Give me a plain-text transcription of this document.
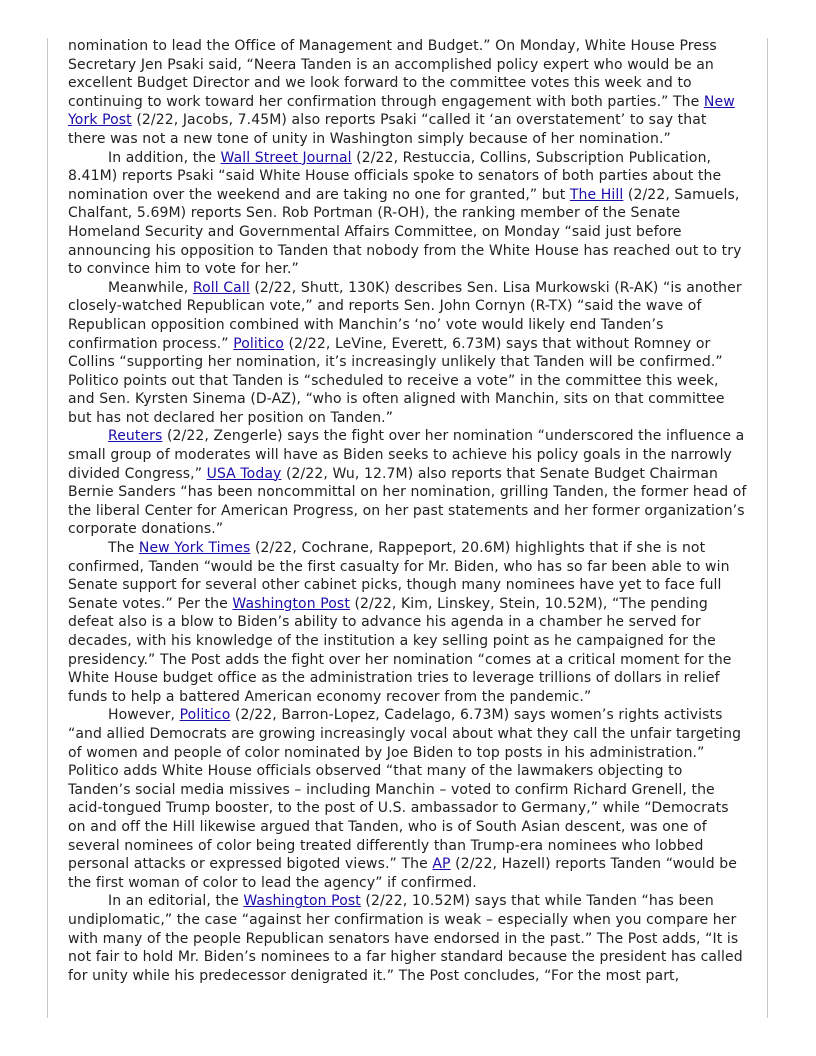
nomination to lead the Office of Management and Budget.” On Monday, White House Press Secretary Jen Psaki said, “Neera Tanden is an accomplished policy expert who would be an excellent Budget Director and we look forward to the committee votes this week and to continuing to work toward her confirmation through engagement with both parties.” The New York Post (2/22, Jacobs, 7.45M) also reports Psaki “called it ‘an overstatement’ to say that there was not a new tone of unity in Washington simply because of her nomination.”

In addition, the Wall Street Journal (2/22, Restuccia, Collins, Subscription Publication, 8.41M) reports Psaki “said White House officials spoke to senators of both parties about the nomination over the weekend and are taking no one for granted,” but The Hill (2/22, Samuels, Chalfant, 5.69M) reports Sen. Rob Portman (R-OH), the ranking member of the Senate Homeland Security and Governmental Affairs Committee, on Monday “said just before announcing his opposition to Tanden that nobody from the White House has reached out to try to convince him to vote for her.”

Meanwhile, Roll Call (2/22, Shutt, 130K) describes Sen. Lisa Murkowski (R-AK) “is another closely-watched Republican vote,” and reports Sen. John Cornyn (R-TX) “said the wave of Republican opposition combined with Manchin’s ‘no’ vote would likely end Tanden’s confirmation process.” Politico (2/22, LeVine, Everett, 6.73M) says that without Romney or Collins “supporting her nomination, it’s increasingly unlikely that Tanden will be confirmed.” Politico points out that Tanden is “scheduled to receive a vote” in the committee this week, and Sen. Kyrsten Sinema (D-AZ), “who is often aligned with Manchin, sits on that committee but has not declared her position on Tanden.”

Reuters (2/22, Zengerle) says the fight over her nomination “underscored the influence a small group of moderates will have as Biden seeks to achieve his policy goals in the narrowly divided Congress,” USA Today (2/22, Wu, 12.7M) also reports that Senate Budget Chairman Bernie Sanders “has been noncommittal on her nomination, grilling Tanden, the former head of the liberal Center for American Progress, on her past statements and her former organization’s corporate donations.”

The New York Times (2/22, Cochrane, Rappeport, 20.6M) highlights that if she is not confirmed, Tanden “would be the first casualty for Mr. Biden, who has so far been able to win Senate support for several other cabinet picks, though many nominees have yet to face full Senate votes.” Per the Washington Post (2/22, Kim, Linskey, Stein, 10.52M), “The pending defeat also is a blow to Biden’s ability to advance his agenda in a chamber he served for decades, with his knowledge of the institution a key selling point as he campaigned for the presidency.” The Post adds the fight over her nomination “comes at a critical moment for the White House budget office as the administration tries to leverage trillions of dollars in relief funds to help a battered American economy recover from the pandemic.”

However, Politico (2/22, Barron-Lopez, Cadelago, 6.73M) says women’s rights activists “and allied Democrats are growing increasingly vocal about what they call the unfair targeting of women and people of color nominated by Joe Biden to top posts in his administration.” Politico adds White House officials observed “that many of the lawmakers objecting to Tanden’s social media missives – including Manchin – voted to confirm Richard Grenell, the acid-tongued Trump booster, to the post of U.S. ambassador to Germany,” while “Democrats on and off the Hill likewise argued that Tanden, who is of South Asian descent, was one of several nominees of color being treated differently than Trump-era nominees who lobbed personal attacks or expressed bigoted views.” The AP (2/22, Hazell) reports Tanden “would be the first woman of color to lead the agency” if confirmed.

In an editorial, the Washington Post (2/22, 10.52M) says that while Tanden “has been undiplomatic,” the case “against her confirmation is weak – especially when you compare her with many of the people Republican senators have endorsed in the past.” The Post adds, “It is not fair to hold Mr. Biden’s nominees to a far higher standard because the president has called for unity while his predecessor denigrated it.” The Post concludes, “For the most part,
